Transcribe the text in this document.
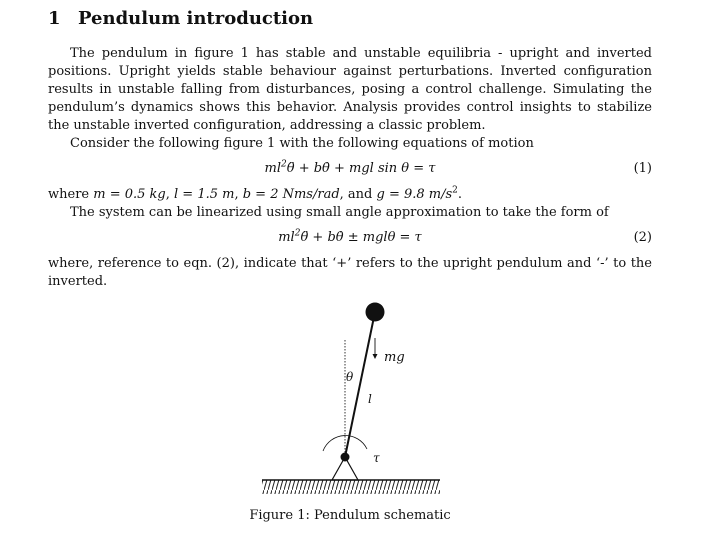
1 Pendulum introduction
The pendulum in figure 1 has stable and unstable equilibria - upright and inverted positions. Upright yields stable behaviour against perturbations. Inverted configuration results in unstable falling from disturbances, posing a control challenge. Simulating the pendulum’s dynamics shows this behavior. Analysis provides control insights to stabilize the unstable inverted configuration, addressing a classic problem.
Consider the following figure 1 with the following equations of motion
$ml^2\thetä$ + bθ̇ + mgl sin θ = τ	(1)
where m = 0.5 kg, l = 1.5 m, b = 2 Nms/rad, and g = 9.8 $m/s^2$.
The system can be linearized using small angle approximation to take the form of
$ml^2\thetä$ + bθ̇ ± mglθ = τ	(2)
where, reference to eqn. (2), indicate that ‘+’ refers to the upright pendulum and ‘-’ to the inverted.
mg
θ
l
τ
Figure 1: Pendulum schematic
